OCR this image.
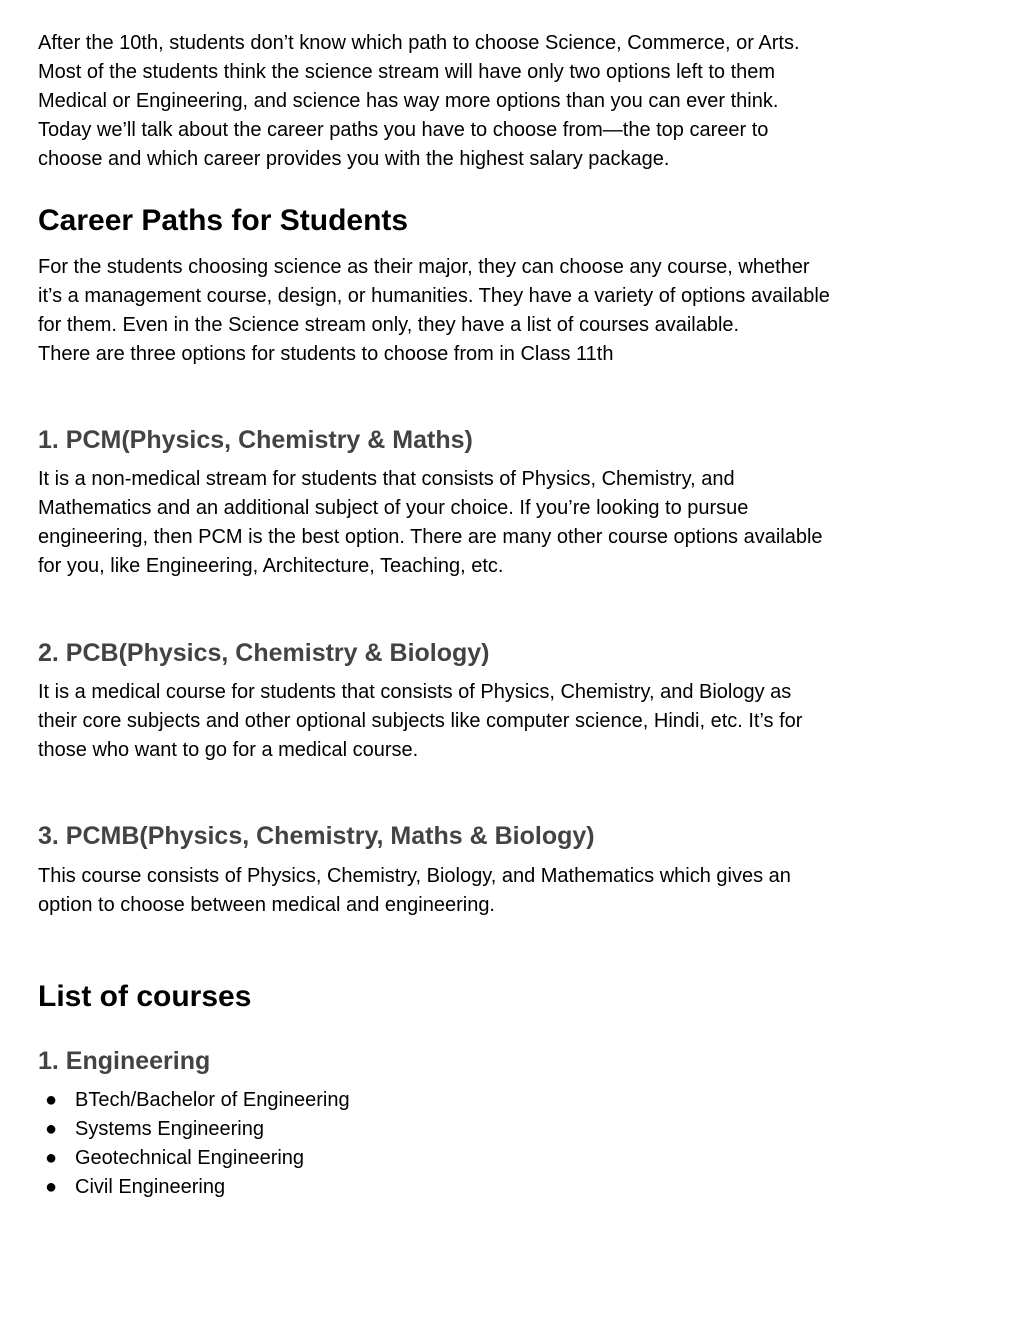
After the 10th, students don’t know which path to choose Science, Commerce, or Arts.
Most of the students think the science stream will have only two options left to them
Medical or Engineering, and science has way more options than you can ever think.
Today we’ll talk about the career paths you have to choose from—the top career to
choose and which career provides you with the highest salary package.
Career Paths for Students
For the students choosing science as their major, they can choose any course, whether
it’s a management course, design, or humanities. They have a variety of options available
for them. Even in the Science stream only, they have a list of courses available.
There are three options for students to choose from in Class 11th
1. PCM(Physics, Chemistry & Maths)
It is a non-medical stream for students that consists of Physics, Chemistry, and
Mathematics and an additional subject of your choice. If you’re looking to pursue
engineering, then PCM is the best option. There are many other course options available
for you, like Engineering, Architecture, Teaching, etc.
2. PCB(Physics, Chemistry & Biology)
It is a medical course for students that consists of Physics, Chemistry, and Biology as
their core subjects and other optional subjects like computer science, Hindi, etc. It’s for
those who want to go for a medical course.
3. PCMB(Physics, Chemistry, Maths & Biology)
This course consists of Physics, Chemistry, Biology, and Mathematics which gives an
option to choose between medical and engineering.
List of courses
1. Engineering
● BTech/Bachelor of Engineering
● Systems Engineering
● Geotechnical Engineering
● Civil Engineering
